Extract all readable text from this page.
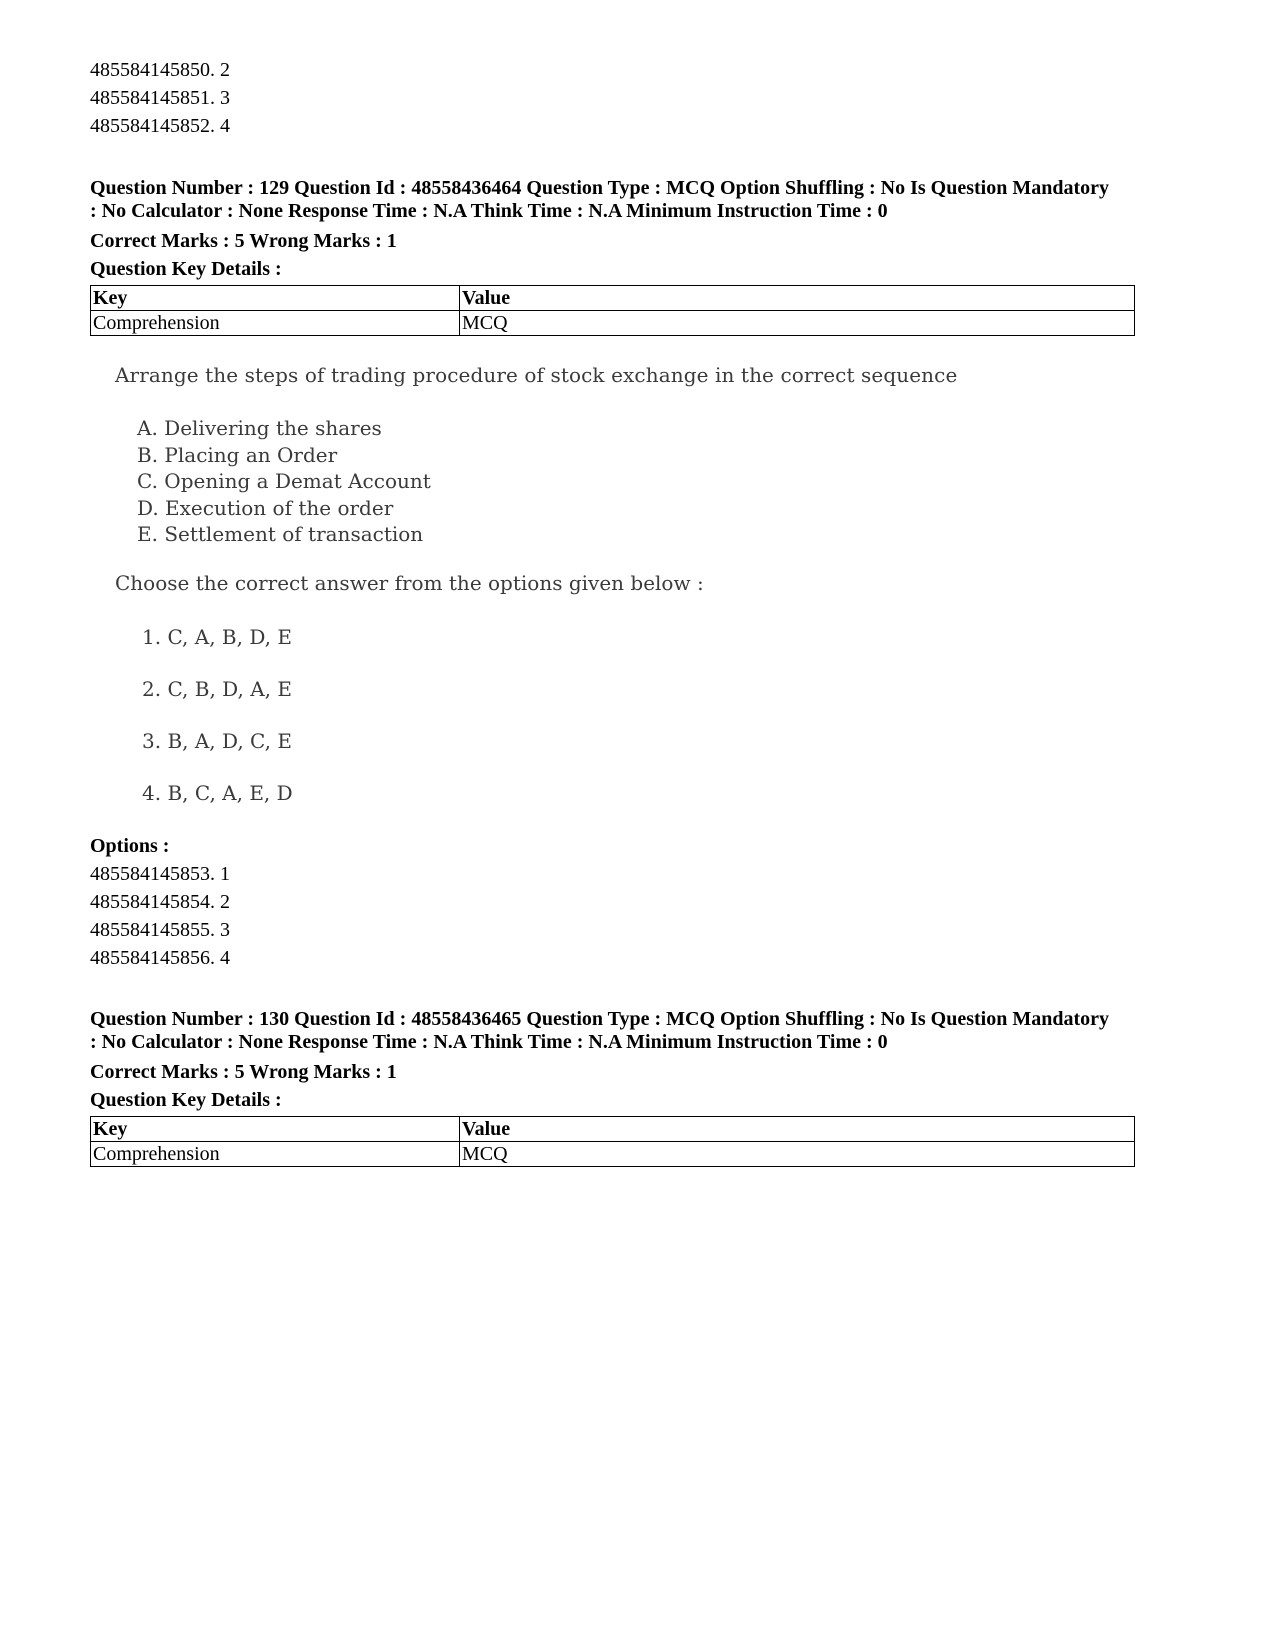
485584145850. 2
485584145851. 3
485584145852. 4
Question Number : 129 Question Id : 48558436464 Question Type : MCQ Option Shuffling : No Is Question Mandatory
: No Calculator : None Response Time : N.A Think Time : N.A Minimum Instruction Time : 0
Correct Marks : 5 Wrong Marks : 1
Question Key Details :
Key	Value
Comprehension	MCQ
Arrange the steps of trading procedure of stock exchange in the correct sequence
A. Delivering the shares
B. Placing an Order
C. Opening a Demat Account
D. Execution of the order
E. Settlement of transaction
Choose the correct answer from the options given below :
1. C, A, B, D, E
2. C, B, D, A, E
3. B, A, D, C, E
4. B, C, A, E, D
Options :
485584145853. 1
485584145854. 2
485584145855. 3
485584145856. 4
Question Number : 130 Question Id : 48558436465 Question Type : MCQ Option Shuffling : No Is Question Mandatory
: No Calculator : None Response Time : N.A Think Time : N.A Minimum Instruction Time : 0
Correct Marks : 5 Wrong Marks : 1
Question Key Details :
Key	Value
Comprehension	MCQ
